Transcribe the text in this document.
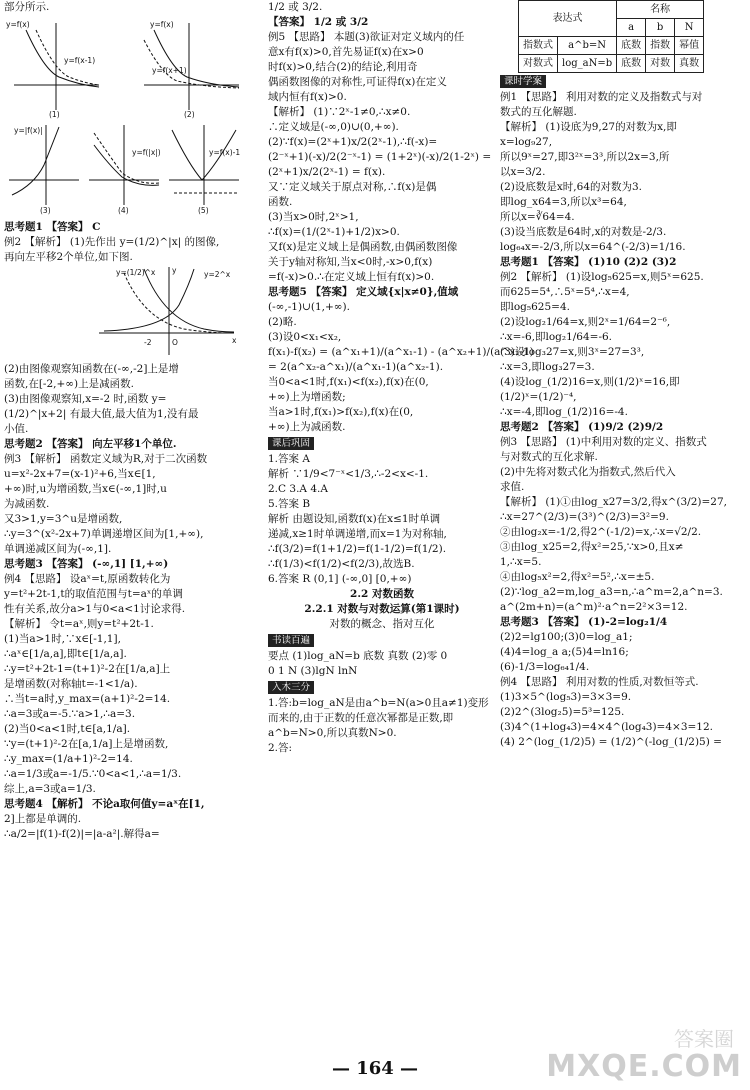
部分所示.
y=f(x)
y=f(x-1)
y=f(x)
y=f(x+1)
y=|f(x)|
y=f(|x|)	y=f(x)-1
(1)	(2)
(3)	(4)	(5)
思考题1 【答案】 C
例2 【解析】 (1)先作出 y=(1/2)^|x| 的图像,
再向左平移2个单位,如下图.
y=(1/2)^x	y=2^x
-2	O	x
y
(2)由图像观察知函数在(-∞,-2]上是增
函数,在[-2,+∞)上是减函数.
(3)由图像观察知,x=-2 时,函数 y=
(1/2)^|x+2| 有最大值,最大值为1,没有最
小值.
思考题2 【答案】 向左平移1个单位.
例3 【解析】 函数定义域为R,对于二次函数
u=x²-2x+7=(x-1)²+6,当x∈[1,
+∞)时,u为增函数,当x∈(-∞,1]时,u
为减函数.
又3>1,y=3^u是增函数,
∴y=3^(x²-2x+7)单调递增区间为[1,+∞),
单调递减区间为(-∞,1].
思考题3 【答案】 (-∞,1] [1,+∞)
例4 【思路】 设aˣ=t,原函数转化为
y=t²+2t-1,t的取值范围与t=aˣ的单调
性有关系,故分a>1与0<a<1讨论求得.
【解析】 令t=aˣ,则y=t²+2t-1.
(1)当a>1时,∵x∈[-1,1],
∴aˣ∈[1/a,a],即t∈[1/a,a].
∴y=t²+2t-1=(t+1)²-2在[1/a,a]上
是增函数(对称轴t=-1<1/a).
∴当t=a时,y_max=(a+1)²-2=14.
∴a=3或a=-5.∵a>1,∴a=3.
(2)当0<a<1时,t∈[a,1/a].
∵y=(t+1)²-2在[a,1/a]上是增函数,
∴y_max=(1/a+1)²-2=14.
∴a=1/3或a=-1/5.∵0<a<1,∴a=1/3.
综上,a=3或a=1/3.
思考题4 【解析】 不论a取何值y=aˣ在[1,
2]上都是单调的.
∴a/2=|f(1)-f(2)|=|a-a²|.解得a=
1/2 或 3/2.
【答案】 1/2 或 3/2
例5 【思路】 本题(3)欲证对定义域内的任
意x有f(x)>0,首先易证f(x)在x>0
时f(x)>0,结合(2)的结论,利用奇
偶函数图像的对称性,可证得f(x)在定义
域内恒有f(x)>0.
【解析】 (1)∵2ˣ-1≠0,∴x≠0.
∴定义域是(-∞,0)∪(0,+∞).
(2)∵f(x)=(2ˣ+1)x/2(2ˣ-1),∴f(-x)=
(2⁻ˣ+1)(-x)/2(2⁻ˣ-1) = (1+2ˣ)(-x)/2(1-2ˣ) =
(2ˣ+1)x/2(2ˣ-1) = f(x).
又∵定义域关于原点对称,∴f(x)是偶
函数.
(3)当x>0时,2ˣ>1,
∴f(x)=(1/(2ˣ-1)+1/2)x>0.
又f(x)是定义域上是偶函数,由偶函数图像
关于y轴对称知,当x<0时,-x>0,f(x)
=f(-x)>0.∴在定义域上恒有f(x)>0.
思考题5 【答案】 定义域{x|x≠0},值域
(-∞,-1)∪(1,+∞).
(2)略.
(3)设0<x₁<x₂,
f(x₁)-f(x₂) = (a^x₁+1)/(a^x₁-1) - (a^x₂+1)/(a^x₂-1)
= 2(a^x₂-a^x₁)/(a^x₁-1)(a^x₂-1).
当0<a<1时,f(x₁)<f(x₂),f(x)在(0,
+∞)上为增函数;
当a>1时,f(x₁)>f(x₂),f(x)在(0,
+∞)上为减函数.
课后巩固
1.答案 A
解析 ∵1/9<7⁻ˣ<1/3,∴-2<x<-1.
2.C 3.A 4.A
5.答案 B
解析 由题设知,函数f(x)在x≤1时单调
递减,x≥1时单调递增,而x=1为对称轴,
∴f(3/2)=f(1+1/2)=f(1-1/2)=f(1/2).
∴f(1/3)<f(1/2)<f(2/3),故选B.
6.答案 R (0,1] (-∞,0] [0,+∞)
2.2 对数函数
2.2.1 对数与对数运算(第1课时)
对数的概念、指对互化
书读百遍
要点 (1)log_aN=b 底数 真数 (2)零 0
0 1 N (3)lgN lnN
入木三分
1.答:b=log_aN是由a^b=N(a>0且a≠1)变形
而来的,由于正数的任意次幂都是正数,即
a^b=N>0,所以真数N>0.
2.答:
表达式		名称		
		a	b	N
指数式	a^b=N	底数	指数	幂值
对数式	log_aN=b	底数	对数	真数
课时学案
例1 【思路】 利用对数的定义及指数式与对
数式的互化解题.
【解析】 (1)设底为9,27的对数为x,即
x=log₉27,
所以9ˣ=27,即3²ˣ=3³,所以2x=3,所
以x=3/2.
(2)设底数是x时,64的对数为3.
即log_x64=3,所以x³=64,
所以x=∛64=4.
(3)设当底数是64时,x的对数是-2/3.
log₆₄x=-2/3,所以x=64^(-2/3)=1/16.
思考题1 【答案】 (1)10 (2)2 (3)2
例2 【解析】 (1)设log₅625=x,则5ˣ=625.
而625=5⁴,∴5ˣ=5⁴,∴x=4,
即log₅625=4.
(2)设log₂1/64=x,则2ˣ=1/64=2⁻⁶,
∴x=-6,即log₂1/64=-6.
(3)设log₃27=x,则3ˣ=27=3³,
∴x=3,即log₃27=3.
(4)设log_(1/2)16=x,则(1/2)ˣ=16,即
(1/2)ˣ=(1/2)⁻⁴,
∴x=-4,即log_(1/2)16=-4.
思考题2 【答案】 (1)9/2 (2)9/2
例3 【思路】 (1)中利用对数的定义、指数式
与对数式的互化求解.
(2)中先将对数式化为指数式,然后代入
求值.
【解析】 (1)①由log_x27=3/2,得x^(3/2)=27,
∴x=27^(2/3)=(3³)^(2/3)=3²=9.
②由log₂x=-1/2,得2^(-1/2)=x,∴x=√2/2.
③由log_x25=2,得x²=25,∵x>0,且x≠
1,∴x=5.
④由log₅x²=2,得x²=5²,∴x=±5.
(2)∵log_a2=m,log_a3=n,∴a^m=2,a^n=3.
a^(2m+n)=(a^m)²·a^n=2²×3=12.
思考题3 【答案】 (1)-2=log₂1/4
(2)2=lg100;(3)0=log_a1;
(4)4=log_a a;(5)4=ln16;
(6)-1/3=log₆₄1/4.
例4 【思路】 利用对数的性质,对数恒等式.
(1)3×5^(log₅3)=3×3=9.
(2)2^(3log₂5)=5³=125.
(3)4^(1+log₄3)=4×4^(log₄3)=4×3=12.
(4) 2^(log_(1/2)5) = (1/2)^(-log_(1/2)5) =
— 164 —
答案圈
MXQE.COM
